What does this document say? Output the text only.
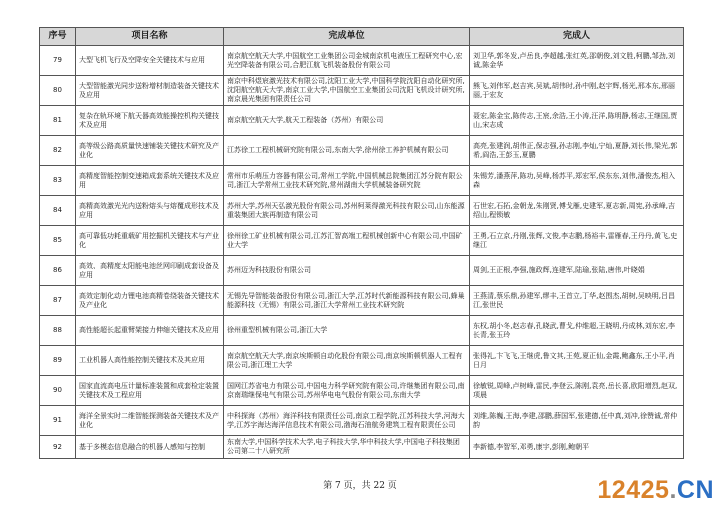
序号	项目名称	完成单位	完成人
79	大型飞机飞行及空降安全关键技术与应用	南京航空航天大学,中国航空工业集团公司金城南京机电液压工程研究中心,宏光空降装备有限公司,合肥江航飞机装备股份有限公司	刘卫华,郭冬发,卢岳良,李超越,张红英,邵朝俊,刘文胜,柯鹏,邹劲,刘诚,陈金华
80	大型智能激光同步送粉增材制造装备关键技术及应用	南京中科煜宸激光技术有限公司,沈阳工业大学,中国科学院沈阳自动化研究所,沈阳航空航天大学,南京工业大学,中国航空工业集团公司沈阳飞机设计研究所,南京晨光集团有限责任公司	熊飞,刘伟军,赵吉宾,吴斌,胡伟时,孙中刚,赵宇辉,杨光,邢本东,邢丽丽,于宏友
81	复杂在轨环境下航天器高效能操控机构关键技术及应用	南京航空航天大学,航天工程装备（苏州）有限公司	聂宏,陈金宝,陈传志,王宸,余浩,王小涛,汪洋,陈明静,杨志,王继国,贾山,宋志成
82	高等级公路高质量快速铺装关键技术研究及产业化	江苏徐工工程机械研究院有限公司,东南大学,徐州徐工养护机械有限公司	高亮,张建润,胡伟正,保志强,孙志刚,李灿,宁灿,夏静,刘长伟,梁光,郭希,阎浩,王彭玉,夏鹏
83	高精度智能控制变速箱成套系统关键技术及应用	常州市乐萌压力容器有限公司,常州工学院,中国机械总院集团江苏分院有限公司,浙江大学常州工业技术研究院,常州湖南大学机械装备研究院	朱锡芳,潘燕萍,陈功,吴峰,杨苏平,郑宏军,侯东东,刘伟,潘俊杰,相入森
84	高精高效激光光内送粉熔头与熔覆成形技术及应用	苏州大学,苏州天弘激光股份有限公司,苏州柯莱得激光科技有限公司,山东能源重装集团大族再制造有限公司	石世宏,石拓,金朝龙,朱刚贤,傅戈雁,史建军,夏志新,周宪,孙承峰,吉绍山,程锁敏
85	高可靠低功耗重载矿用挖掘机关键技术与产业化	徐州徐工矿业机械有限公司,江苏汇智高端工程机械创新中心有限公司,中国矿业大学	王勇,石立京,丹刚,张辉,文俊,李志鹏,杨裕丰,雷雁春,王丹丹,黄飞,史继江
86	高效、高精度太阳能电池丝网印刷成套设备及应用	苏州迈为科技股份有限公司	周剑,王正根,李强,施政辉,连建军,陆瑜,张陆,唐伟,叶晓娟
87	高效定制化动力锂电池高精卷绕装备关键技术及产业化	无锡先导智能装备股份有限公司,浙江大学,江苏时代新能源科技有限公司,蜂巢能源科技（无锡）有限公司,浙江大学常州工业技术研究院	王燕清,蔡乐鼎,孙建军,缪丰,王首立,丁华,赵围杰,胡树,吴映明,吕昌江,张世民
88	高性能超长起重臂架接力伸缩关键技术及应用	徐州重型机械有限公司,浙江大学	东权,胡小冬,赵志春,孔晓武,曹戈,仲维超,王晓明,丹成林,刘东宏,李长青,张玉玲
89	工业机器人高性能控制关键技术及其应用	南京航空航天大学,南京埃斯顿自动化股份有限公司,南京埃斯顿机器人工程有限公司,浙江理工大学	张得礼,卞飞飞,王继虎,鲁文其,王苑,夏正仙,金霞,鲍鑫东,王小平,肖日月
90	国家直流高电压计量标准装置和成套检定装置关键技术及工程应用	国网江苏省电力有限公司,中国电力科学研究院有限公司,许继集团有限公司,南京南瑞继保电气有限公司,苏州华电电气股份有限公司,东南大学	徐敏锐,周峰,卢树峰,雷民,李登云,陈刚,袁亮,岳长喜,欧阳增烈,赵双,项晨
91	海洋全景实时二维智能探测装备关键技术及产业化	中科探海（苏州）海洋科技有限责任公司,南京工程学院,江苏科技大学,河海大学,江苏字海达海洋信息技术有限公司,渤海石油航务建筑工程有限责任公司	刘维,陈巍,王海,李建,邵鹏,薛国军,张建德,任中真,刘冲,徐赞诚,常仲韵
92	基于多模态信息融合的机器人感知与控制	东南大学,中国科学技术大学,电子科技大学,华中科技大学,中国电子科技集团公司第二十八研究所	李新德,李智军,邓勇,康宇,彭刚,鲍朝平
第 7 页，共 22 页	12425.CN
